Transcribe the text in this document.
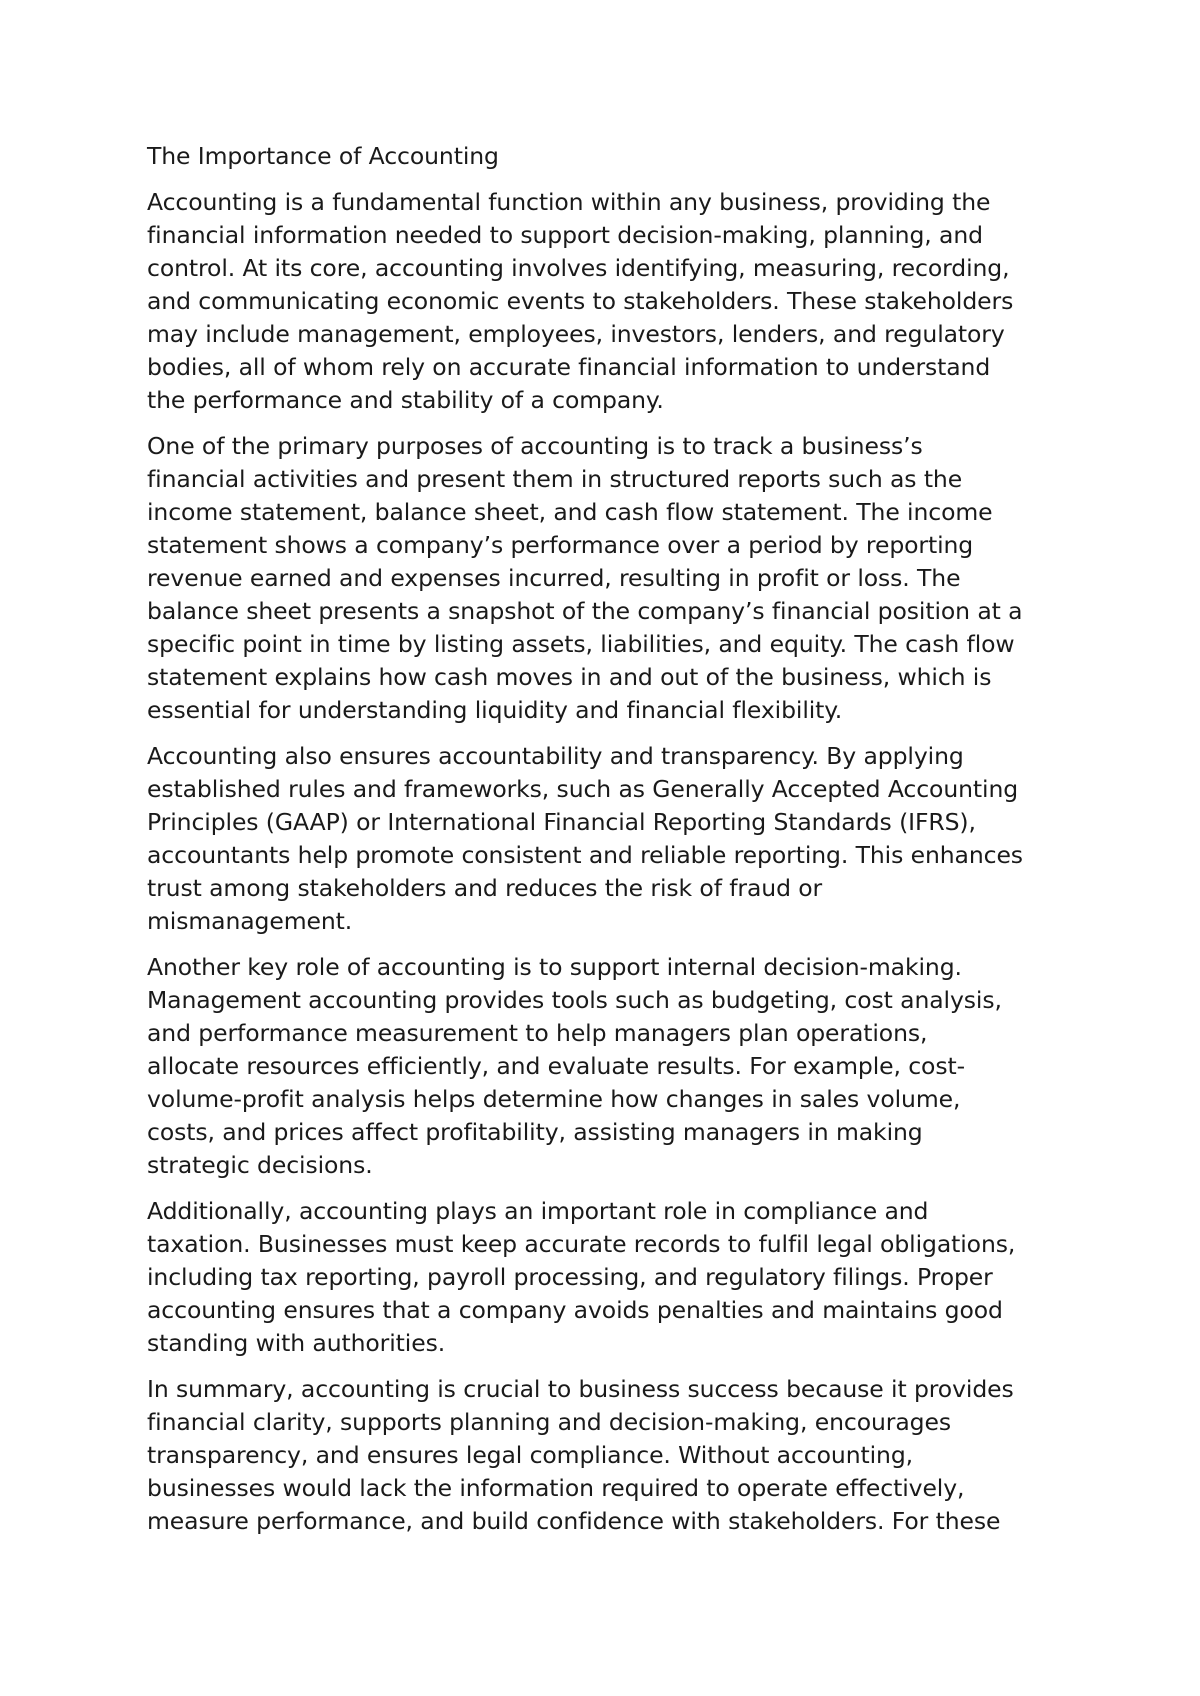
The Importance of Accounting

Accounting is a fundamental function within any business, providing the
financial information needed to support decision-making, planning, and
control. At its core, accounting involves identifying, measuring, recording,
and communicating economic events to stakeholders. These stakeholders
may include management, employees, investors, lenders, and regulatory
bodies, all of whom rely on accurate financial information to understand
the performance and stability of a company.

One of the primary purposes of accounting is to track a business’s
financial activities and present them in structured reports such as the
income statement, balance sheet, and cash flow statement. The income
statement shows a company’s performance over a period by reporting
revenue earned and expenses incurred, resulting in profit or loss. The
balance sheet presents a snapshot of the company’s financial position at a
specific point in time by listing assets, liabilities, and equity. The cash flow
statement explains how cash moves in and out of the business, which is
essential for understanding liquidity and financial flexibility.

Accounting also ensures accountability and transparency. By applying
established rules and frameworks, such as Generally Accepted Accounting
Principles (GAAP) or International Financial Reporting Standards (IFRS),
accountants help promote consistent and reliable reporting. This enhances
trust among stakeholders and reduces the risk of fraud or
mismanagement.

Another key role of accounting is to support internal decision-making.
Management accounting provides tools such as budgeting, cost analysis,
and performance measurement to help managers plan operations,
allocate resources efficiently, and evaluate results. For example, cost-
volume-profit analysis helps determine how changes in sales volume,
costs, and prices affect profitability, assisting managers in making
strategic decisions.

Additionally, accounting plays an important role in compliance and
taxation. Businesses must keep accurate records to fulfil legal obligations,
including tax reporting, payroll processing, and regulatory filings. Proper
accounting ensures that a company avoids penalties and maintains good
standing with authorities.

In summary, accounting is crucial to business success because it provides
financial clarity, supports planning and decision-making, encourages
transparency, and ensures legal compliance. Without accounting,
businesses would lack the information required to operate effectively,
measure performance, and build confidence with stakeholders. For these
